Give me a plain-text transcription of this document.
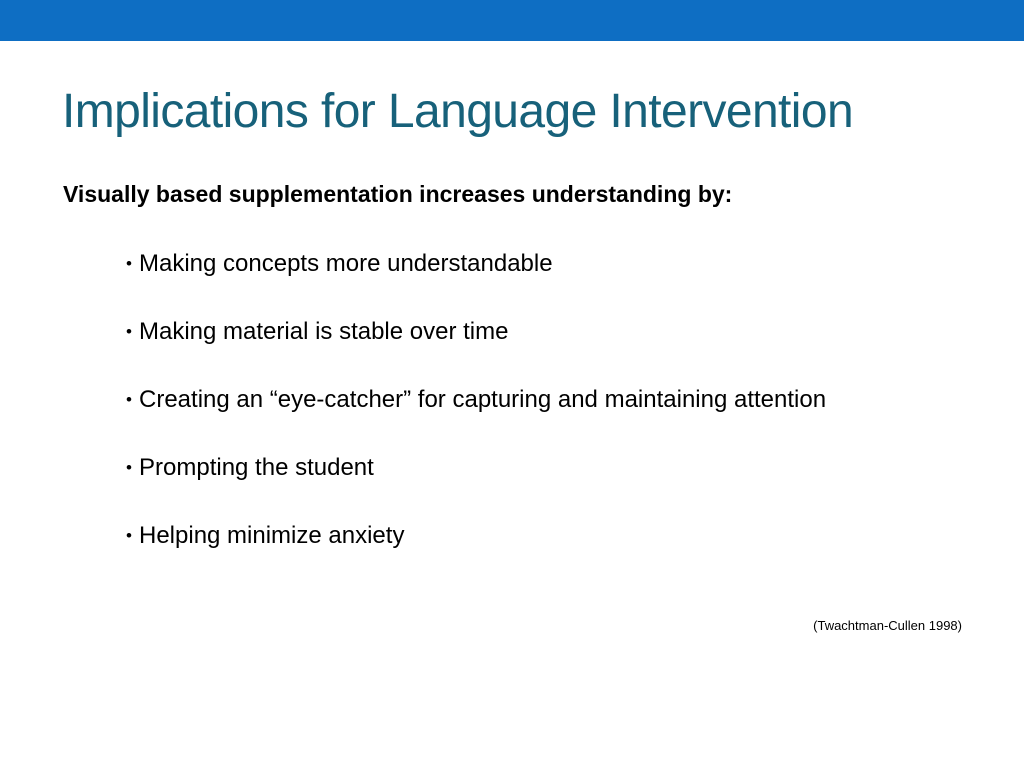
Implications for Language Intervention

Visually based supplementation increases understanding by:

• Making concepts more understandable
• Making material is stable over time
• Creating an “eye-catcher” for capturing and maintaining attention
• Prompting the student
• Helping minimize anxiety
(Twachtman-Cullen 1998)
